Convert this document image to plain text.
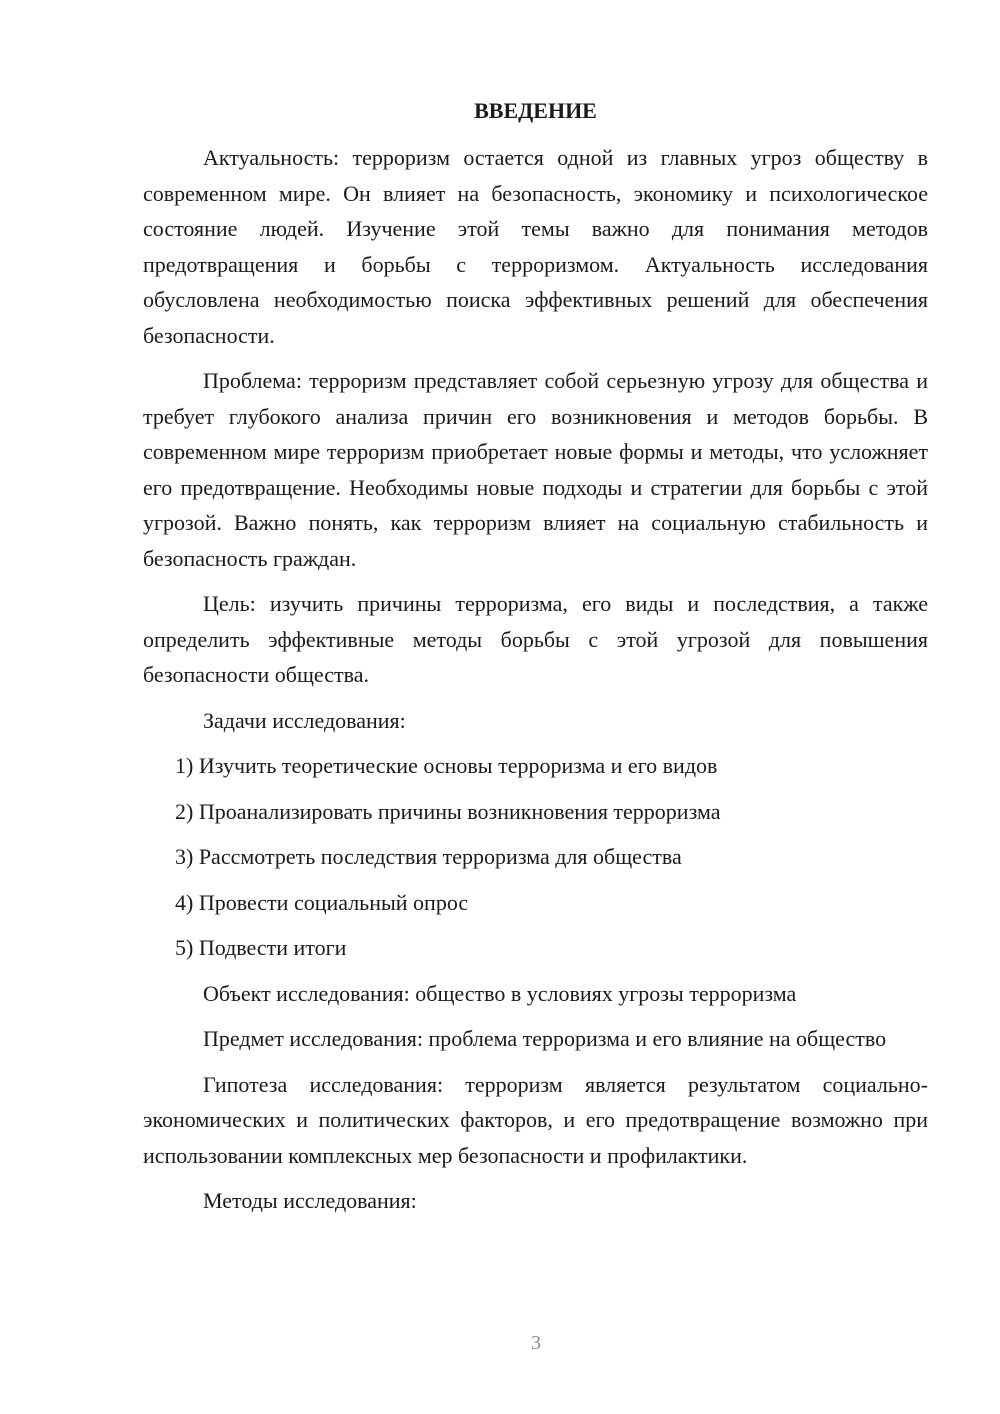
ВВЕДЕНИЕ
Актуальность: терроризм остается одной из главных угроз обществу в современном мире. Он влияет на безопасность, экономику и психологическое состояние людей. Изучение этой темы важно для понимания методов предотвращения и борьбы с терроризмом. Актуальность исследования обусловлена необходимостью поиска эффективных решений для обеспечения безопасности.
Проблема: терроризм представляет собой серьезную угрозу для общества и требует глубокого анализа причин его возникновения и методов борьбы. В современном мире терроризм приобретает новые формы и методы, что усложняет его предотвращение. Необходимы новые подходы и стратегии для борьбы с этой угрозой. Важно понять, как терроризм влияет на социальную стабильность и безопасность граждан.
Цель: изучить причины терроризма, его виды и последствия, а также определить эффективные методы борьбы с этой угрозой для повышения безопасности общества.
Задачи исследования:
1) Изучить теоретические основы терроризма и его видов
2) Проанализировать причины возникновения терроризма
3) Рассмотреть последствия терроризма для общества
4) Провести социальный опрос
5) Подвести итоги
Объект исследования: общество в условиях угрозы терроризма
Предмет исследования: проблема терроризма и его влияние на общество
Гипотеза исследования: терроризм является результатом социально-экономических и политических факторов, и его предотвращение возможно при использовании комплексных мер безопасности и профилактики.
Методы исследования:
3
